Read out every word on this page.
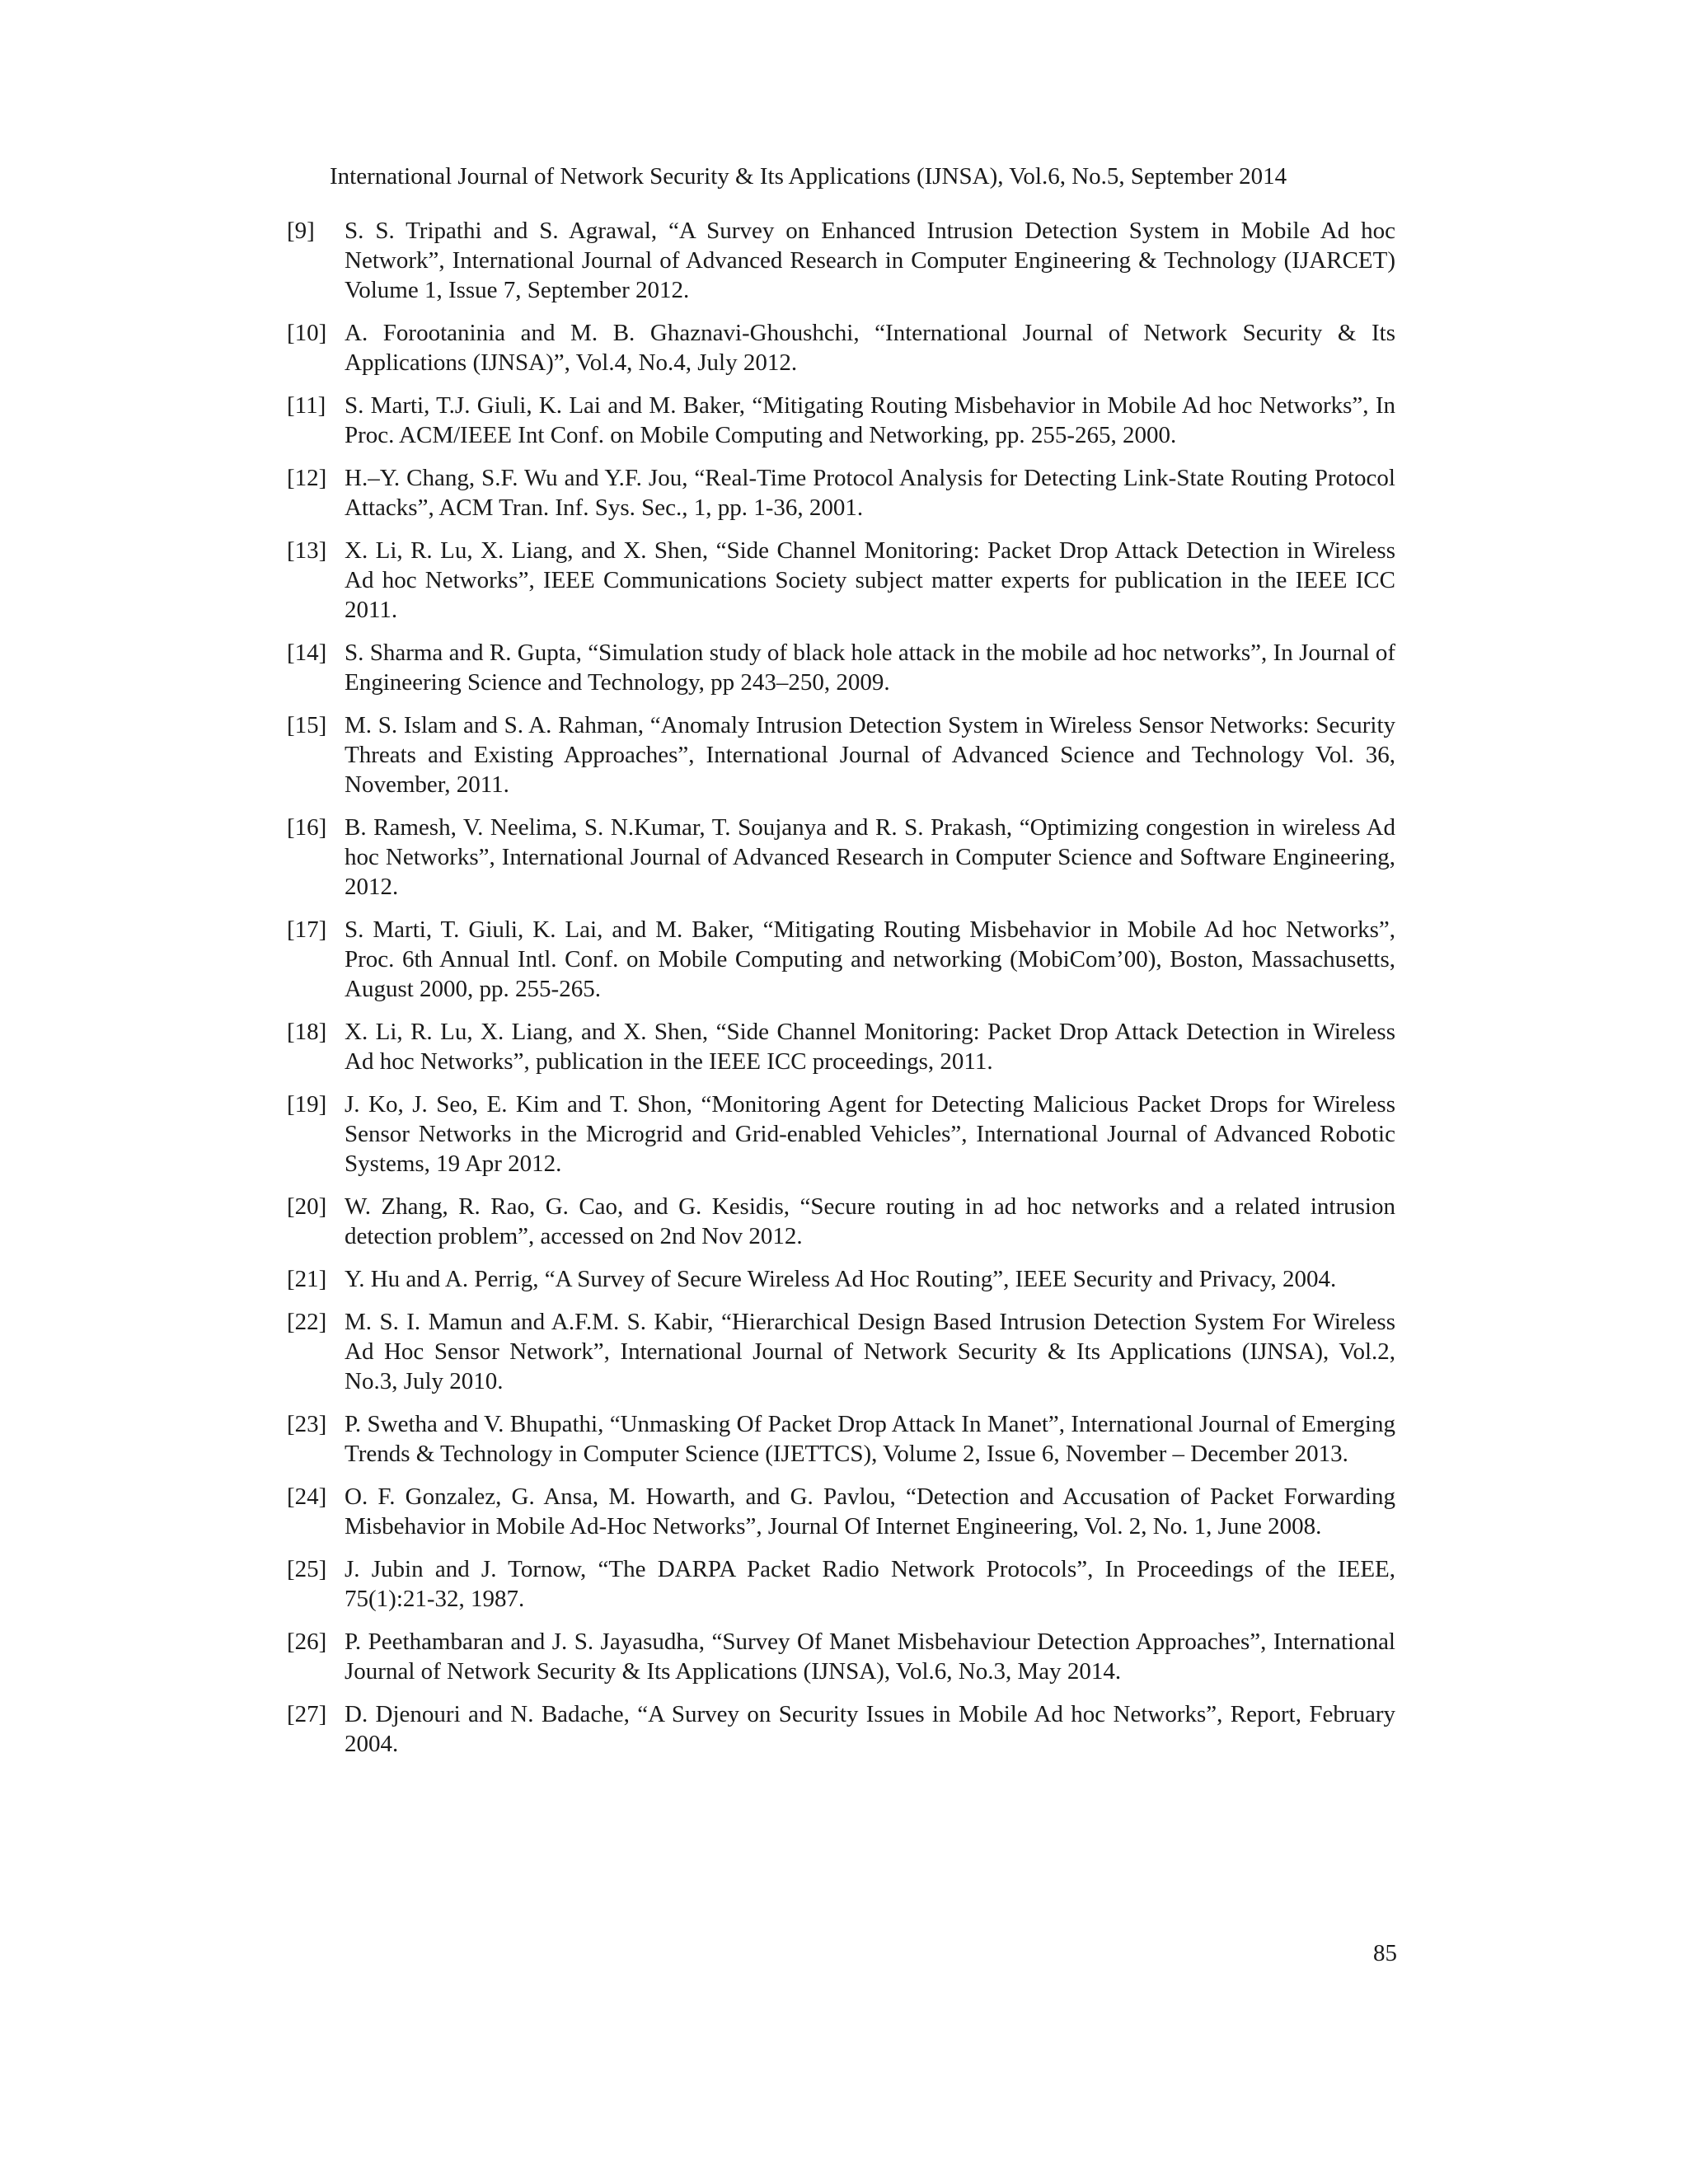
International Journal of Network Security & Its Applications (IJNSA), Vol.6, No.5, September 2014
[9]	S. S. Tripathi and S. Agrawal, “A Survey on Enhanced Intrusion Detection System in Mobile Ad hoc Network”, International Journal of Advanced Research in Computer Engineering & Technology (IJARCET) Volume 1, Issue 7, September 2012.
[10] A. Forootaninia and M. B. Ghaznavi-Ghoushchi, “International Journal of Network Security & Its Applications (IJNSA)”, Vol.4, No.4, July 2012.
[11] S. Marti, T.J. Giuli, K. Lai and M. Baker, “Mitigating Routing Misbehavior in Mobile Ad hoc Networks”, In Proc. ACM/IEEE Int Conf. on Mobile Computing and Networking, pp. 255-265, 2000.
[12] H.–Y. Chang, S.F. Wu and Y.F. Jou, “Real-Time Protocol Analysis for Detecting Link-State Routing Protocol Attacks”, ACM Tran. Inf. Sys. Sec., 1, pp. 1-36, 2001.
[13] X. Li, R. Lu, X. Liang, and X. Shen, “Side Channel Monitoring: Packet Drop Attack Detection in Wireless Ad hoc Networks”, IEEE Communications Society subject matter experts for publication in the IEEE ICC 2011.
[14] S. Sharma and R. Gupta, “Simulation study of black hole attack in the mobile ad hoc networks”, In Journal of Engineering Science and Technology, pp 243–250, 2009.
[15] M. S. Islam and S. A. Rahman, “Anomaly Intrusion Detection System in Wireless Sensor Networks: Security Threats and Existing Approaches”, International Journal of Advanced Science and Technology Vol. 36, November, 2011.
[16] B. Ramesh, V. Neelima, S. N.Kumar, T. Soujanya and R. S. Prakash, “Optimizing congestion in wireless Ad hoc Networks”, International Journal of Advanced Research in Computer Science and Software Engineering, 2012.
[17] S. Marti, T. Giuli, K. Lai, and M. Baker, “Mitigating Routing Misbehavior in Mobile Ad hoc Networks”, Proc. 6th Annual Intl. Conf. on Mobile Computing and networking (MobiCom’00), Boston, Massachusetts, August 2000, pp. 255-265.
[18] X. Li, R. Lu, X. Liang, and X. Shen, “Side Channel Monitoring: Packet Drop Attack Detection in Wireless Ad hoc Networks”, publication in the IEEE ICC proceedings, 2011.
[19] J. Ko, J. Seo, E. Kim and T. Shon, “Monitoring Agent for Detecting Malicious Packet Drops for Wireless Sensor Networks in the Microgrid and Grid-enabled Vehicles”, International Journal of Advanced Robotic Systems, 19 Apr 2012.
[20] W. Zhang, R. Rao, G. Cao, and G. Kesidis, “Secure routing in ad hoc networks and a related intrusion detection problem”, accessed on 2nd Nov 2012.
[21] Y. Hu and A. Perrig, “A Survey of Secure Wireless Ad Hoc Routing”, IEEE Security and Privacy, 2004.
[22] M. S. I. Mamun and A.F.M. S. Kabir, “Hierarchical Design Based Intrusion Detection System For Wireless Ad Hoc Sensor Network”, International Journal of Network Security & Its Applications (IJNSA), Vol.2, No.3, July 2010.
[23] P. Swetha and V. Bhupathi, “Unmasking Of Packet Drop Attack In Manet”, International Journal of Emerging Trends & Technology in Computer Science (IJETTCS), Volume 2, Issue 6, November – December 2013.
[24] O. F. Gonzalez, G. Ansa, M. Howarth, and G. Pavlou, “Detection and Accusation of Packet Forwarding Misbehavior in Mobile Ad-Hoc Networks”, Journal Of Internet Engineering, Vol. 2, No. 1, June 2008.
[25] J. Jubin and J. Tornow, “The DARPA Packet Radio Network Protocols”, In Proceedings of the IEEE, 75(1):21-32, 1987.
[26] P. Peethambaran and J. S. Jayasudha, “Survey Of Manet Misbehaviour Detection Approaches”, International Journal of Network Security & Its Applications (IJNSA), Vol.6, No.3, May 2014.
[27] D. Djenouri and N. Badache, “A Survey on Security Issues in Mobile Ad hoc Networks”, Report, February 2004.
85
